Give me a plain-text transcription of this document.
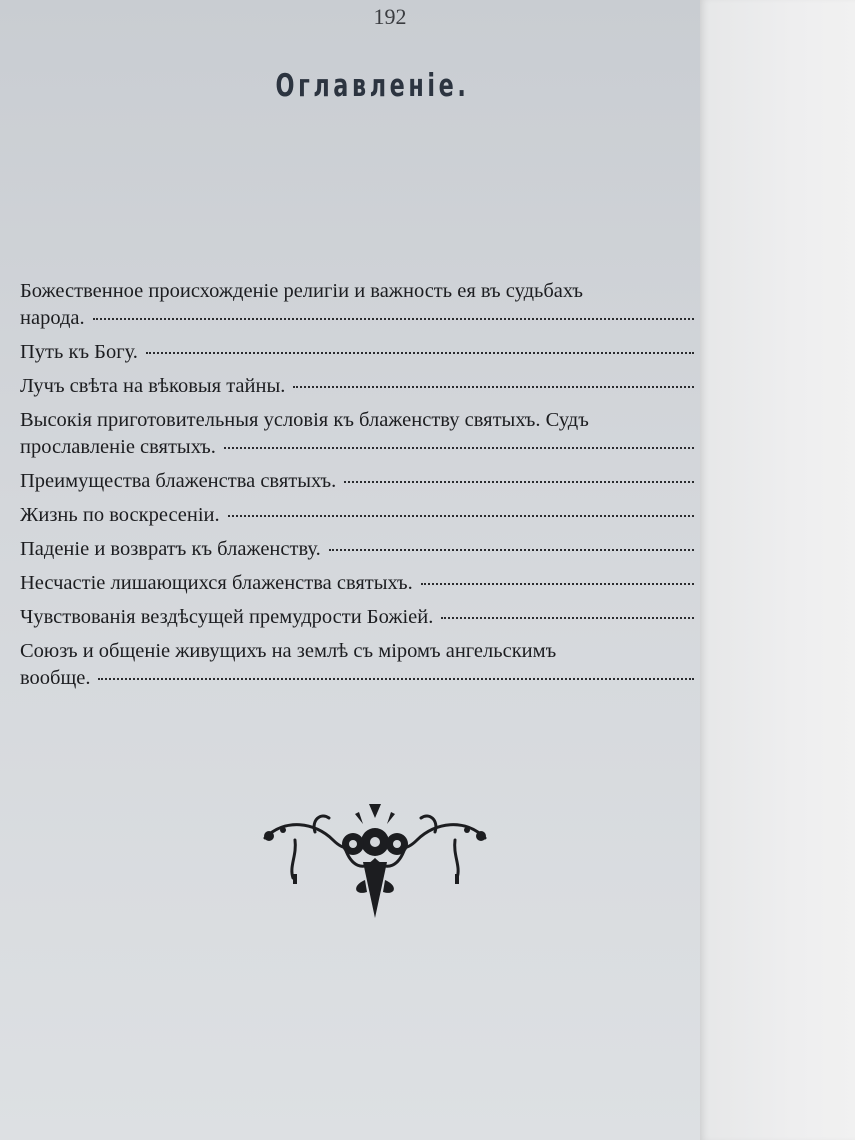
192
Оглавленіе.
Божественное происхожденіе религіи и важность ея въ судьбахъ
народа.
Путь къ Богу.
Лучъ свѣта на вѣковыя тайны.
Высокія приготовительныя условія къ блаженству святыхъ. Судъ
прославленіе святыхъ.
Преимущества блаженства святыхъ.
Жизнь по воскресеніи.
Паденіе и возвратъ къ блаженству.
Несчастіе лишающихся блаженства святыхъ.
Чувствованія вездѣсущей премудрости Божіей.
Союзъ и общеніе живущихъ на землѣ съ міромъ ангельскимъ
вообще.
